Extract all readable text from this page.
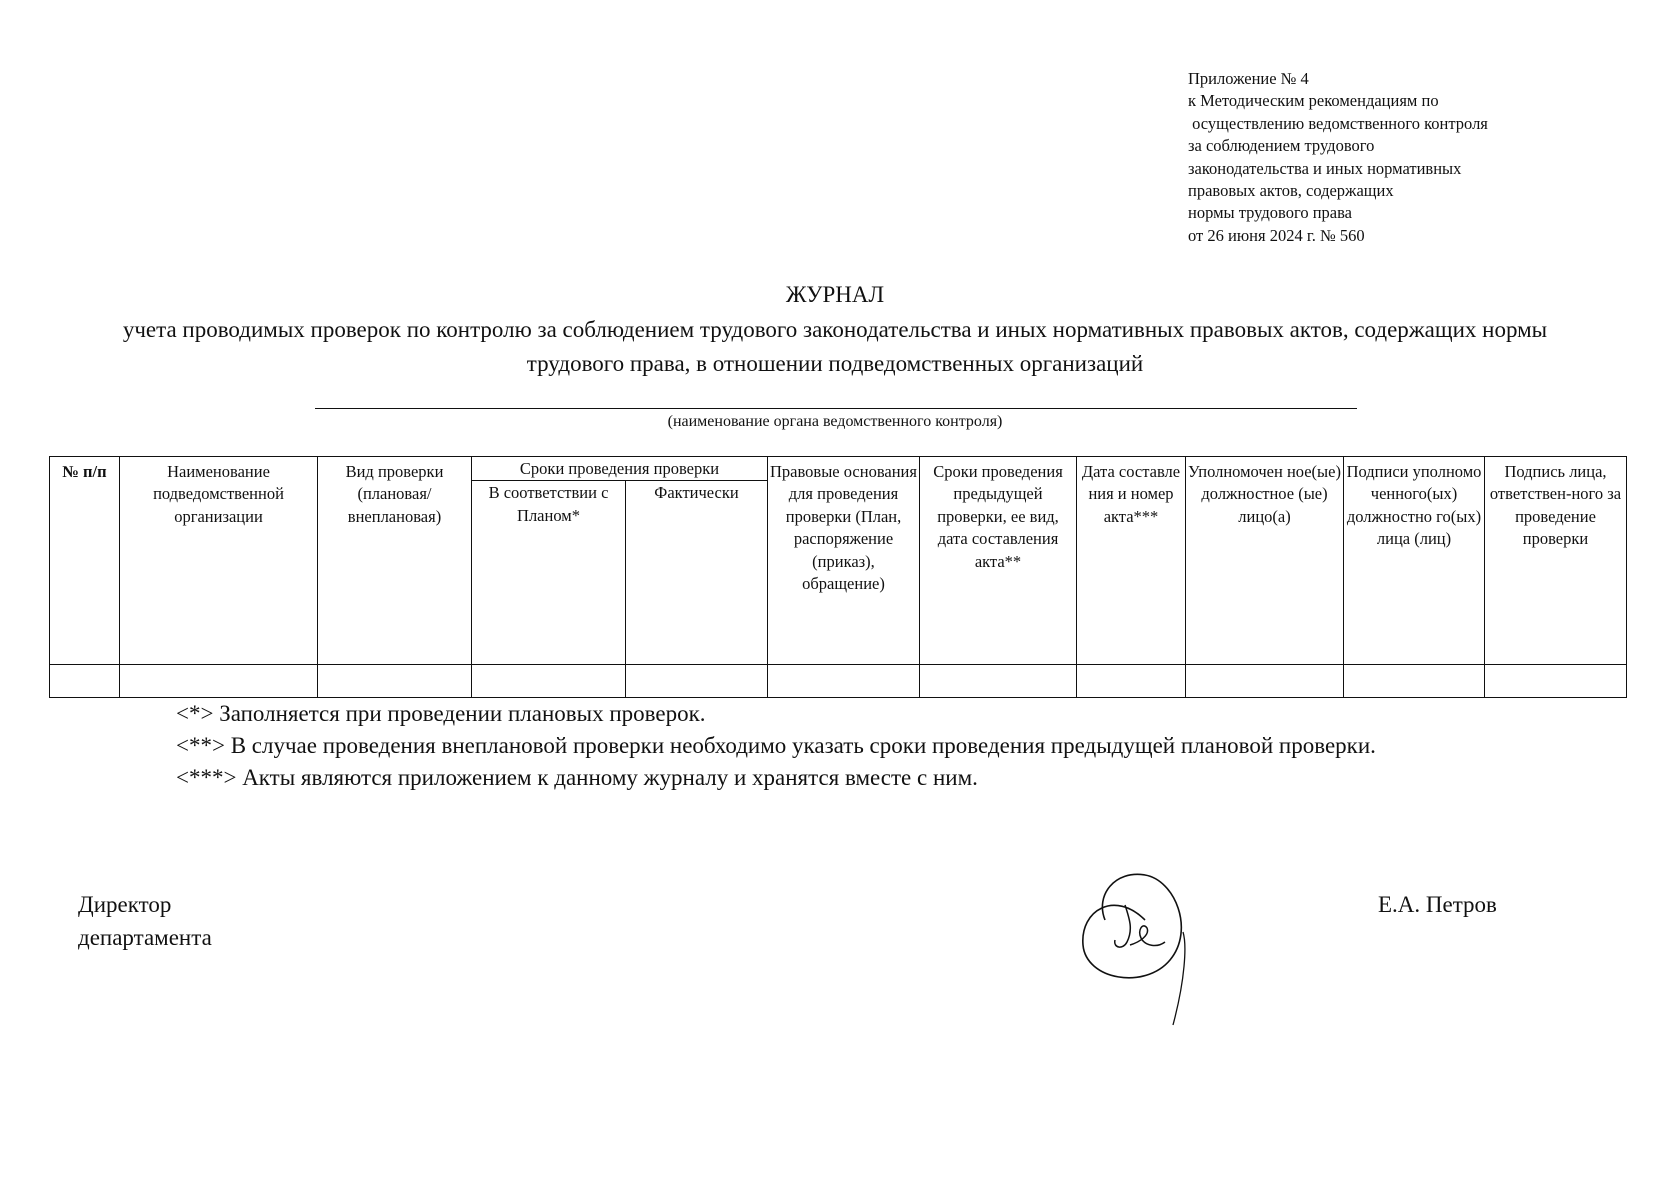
Приложение № 4
к Методическим рекомендациям по
осуществлению ведомственного контроля
за соблюдением трудового
законодательства и иных нормативных
правовых актов, содержащих
нормы трудового права
от 26 июня 2024 г. № 560
ЖУРНАЛ
учета проводимых проверок по контролю за соблюдением трудового законодательства и иных нормативных правовых актов, содержащих нормы трудового права, в отношении подведомственных организаций
(наименование органа ведомственного контроля)
№ п/п	Наименование подведомственной организации	Вид проверки (плановая/ внеплановая)	Сроки проведения проверки		Правовые основания для проведения проверки (План, распоряжение (приказ), обращение)	Сроки проведения предыдущей проверки, ее вид, дата составления акта**	Дата составле ния и номер акта***	Уполномочен ное(ые) должностное (ые) лицо(а)	Подписи уполномо ченного(ых) должностно го(ых) лица (лиц)	Подпись лица, ответствен-ного за проведение проверки
			В соответствии с Планом*	Фактически						

<*> Заполняется при проведении плановых проверок.

<**> В случае проведения внеплановой проверки необходимо указать сроки проведения предыдущей плановой проверки.

<***> Акты являются приложением к данному журналу и хранятся вместе с ним.

Директор
департамента
Е.А. Петров
